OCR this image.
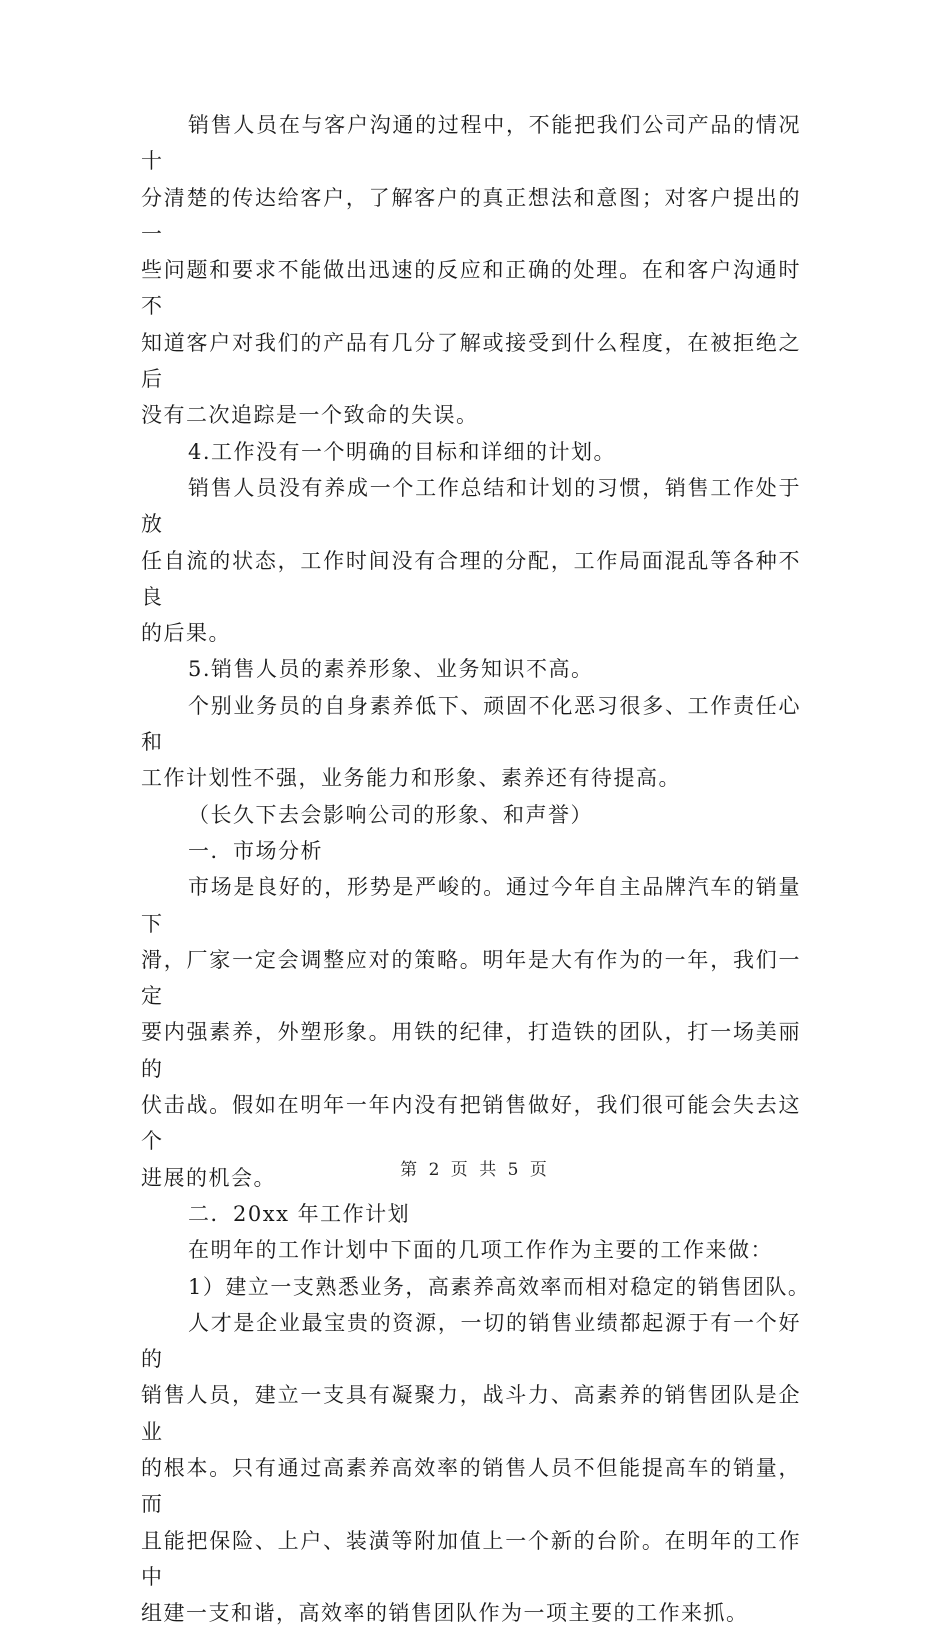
销售人员在与客户沟通的过程中，不能把我们公司产品的情况十
分清楚的传达给客户，了解客户的真正想法和意图；对客户提出的一
些问题和要求不能做出迅速的反应和正确的处理。在和客户沟通时不
知道客户对我们的产品有几分了解或接受到什么程度，在被拒绝之后
没有二次追踪是一个致命的失误。

4.工作没有一个明确的目标和详细的计划。

销售人员没有养成一个工作总结和计划的习惯，销售工作处于放
任自流的状态，工作时间没有合理的分配，工作局面混乱等各种不良
的后果。

5.销售人员的素养形象、业务知识不高。

个别业务员的自身素养低下、顽固不化恶习很多、工作责任心和
工作计划性不强，业务能力和形象、素养还有待提高。

（长久下去会影响公司的形象、和声誉）

一．市场分析

市场是良好的，形势是严峻的。通过今年自主品牌汽车的销量下
滑，厂家一定会调整应对的策略。明年是大有作为的一年，我们一定
要内强素养，外塑形象。用铁的纪律，打造铁的团队，打一场美丽的
伏击战。假如在明年一年内没有把销售做好，我们很可能会失去这个
进展的机会。

二．20xx 年工作计划

在明年的工作计划中下面的几项工作作为主要的工作来做：

1）建立一支熟悉业务，高素养高效率而相对稳定的销售团队。

人才是企业最宝贵的资源，一切的销售业绩都起源于有一个好的
销售人员，建立一支具有凝聚力，战斗力、高素养的销售团队是企业
的根本。只有通过高素养高效率的销售人员不但能提高车的销量，而
且能把保险、上户、装潢等附加值上一个新的台阶。在明年的工作中
组建一支和谐，高效率的销售团队作为一项主要的工作来抓。

第 2 页 共 5 页
